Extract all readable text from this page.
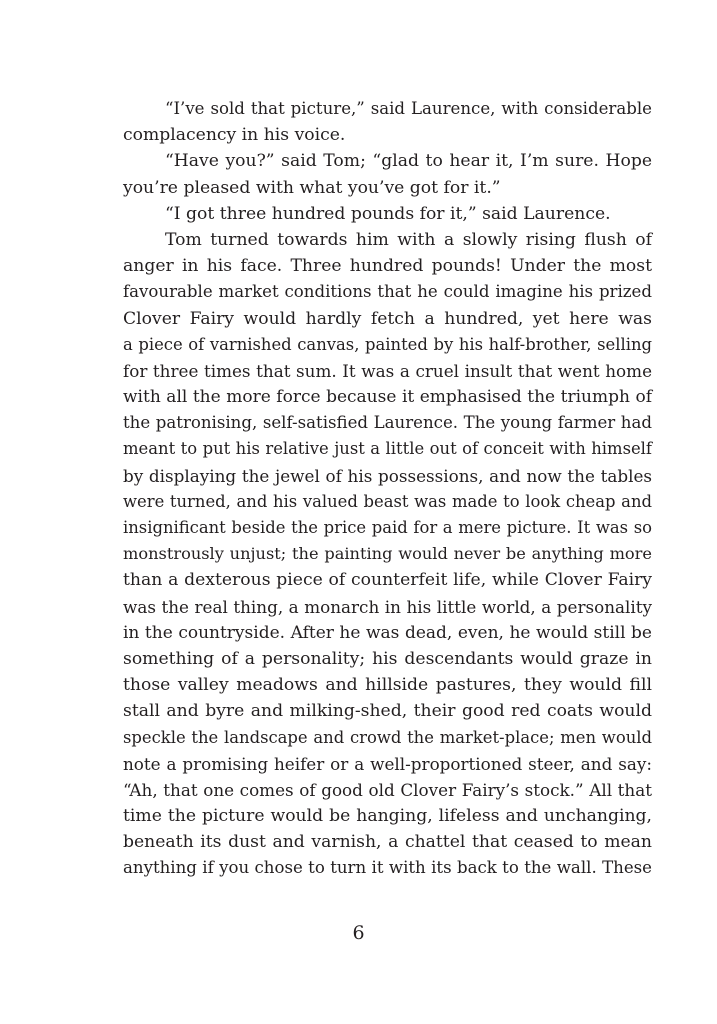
“I’ve sold that picture,” said Laurence, with considerable
complacency in his voice.
“Have you?” said Tom; “glad to hear it, I’m sure. Hope
you’re pleased with what you’ve got for it.”
“I got three hundred pounds for it,” said Laurence.
Tom turned towards him with a slowly rising flush of
anger in his face. Three hundred pounds! Under the most
favourable market conditions that he could imagine his prized
Clover Fairy would hardly fetch a hundred, yet here was
a piece of varnished canvas, painted by his half-brother, selling
for three times that sum. It was a cruel insult that went home
with all the more force because it emphasised the triumph of
the patronising, self-satisfied Laurence. The young farmer had
meant to put his relative just a little out of conceit with himself
by displaying the jewel of his possessions, and now the tables
were turned, and his valued beast was made to look cheap and
insignificant beside the price paid for a mere picture. It was so
monstrously unjust; the painting would never be anything more
than a dexterous piece of counterfeit life, while Clover Fairy
was the real thing, a monarch in his little world, a personality
in the countryside. After he was dead, even, he would still be
something of a personality; his descendants would graze in
those valley meadows and hillside pastures, they would fill
stall and byre and milking-shed, their good red coats would
speckle the landscape and crowd the market-place; men would
note a promising heifer or a well-proportioned steer, and say:
“Ah, that one comes of good old Clover Fairy’s stock.” All that
time the picture would be hanging, lifeless and unchanging,
beneath its dust and varnish, a chattel that ceased to mean
anything if you chose to turn it with its back to the wall. These
6
